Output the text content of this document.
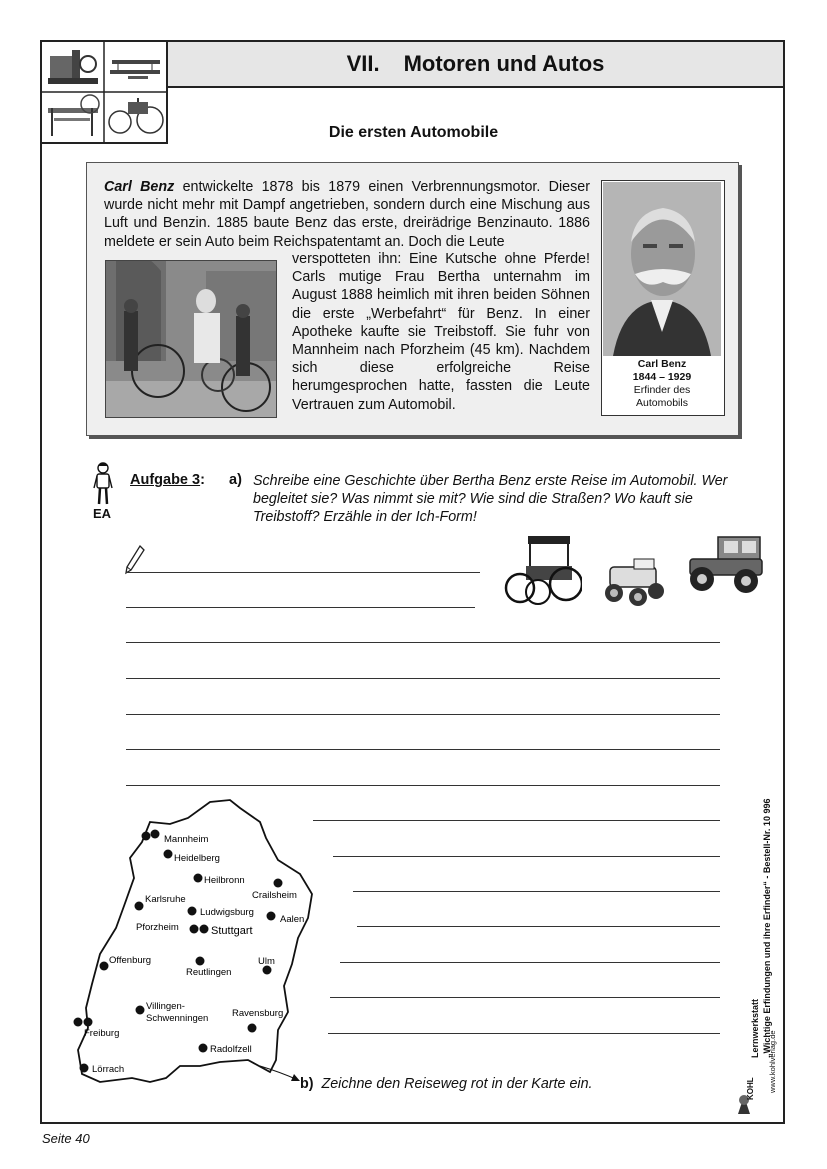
VII. Motoren und Autos
Die ersten Automobile
Carl Benz entwickelte 1878 bis 1879 einen Verbrennungsmotor. Dieser wurde nicht mehr mit Dampf angetrieben, sondern durch eine Mischung aus Luft und Benzin. 1885 baute Benz das erste, dreirädrige Benzinauto. 1886 meldete er sein Auto beim Reichspatentamt an. Doch die Leute
verspotteten ihn: Eine Kutsche ohne Pferde! Carls mutige Frau Bertha unternahm im August 1888 heimlich mit ihren beiden Söhnen die erste „Werbefahrt“ für Benz. In einer Apotheke kaufte sie Treibstoff. Sie fuhr von Mannheim nach Pforzheim (45 km). Nachdem sich diese erfolgreiche Reise herumgesprochen hatte, fassten die Leute Vertrauen zum Automobil.
Carl Benz
1844 – 1929
Erfinder des
Automobils
EA
Aufgabe 3: a) Schreibe eine Geschichte über Bertha Benz erste Reise im Automobil. Wer begleitet sie? Was nimmt sie mit? Wie sind die Straßen? Wo kauft sie Treibstoff? Erzähle in der Ich-Form!
Mannheim
Heidelberg
Heilbronn
Crailsheim
Karlsruhe
Ludwigsburg
Aalen
Pforzheim	Stuttgart
Offenburg
Reutlingen
Ulm
Villingen-
Schwenningen Ravensburg
Freiburg
Radolfzell
Lörrach
b) Zeichne den Reiseweg rot in der Karte ein.
Lernwerkstatt „Wichtige Erfindungen und ihre Erfinder“ - Bestell-Nr. 10 996
www.kohlverlag.de
KOHL
Seite 40
